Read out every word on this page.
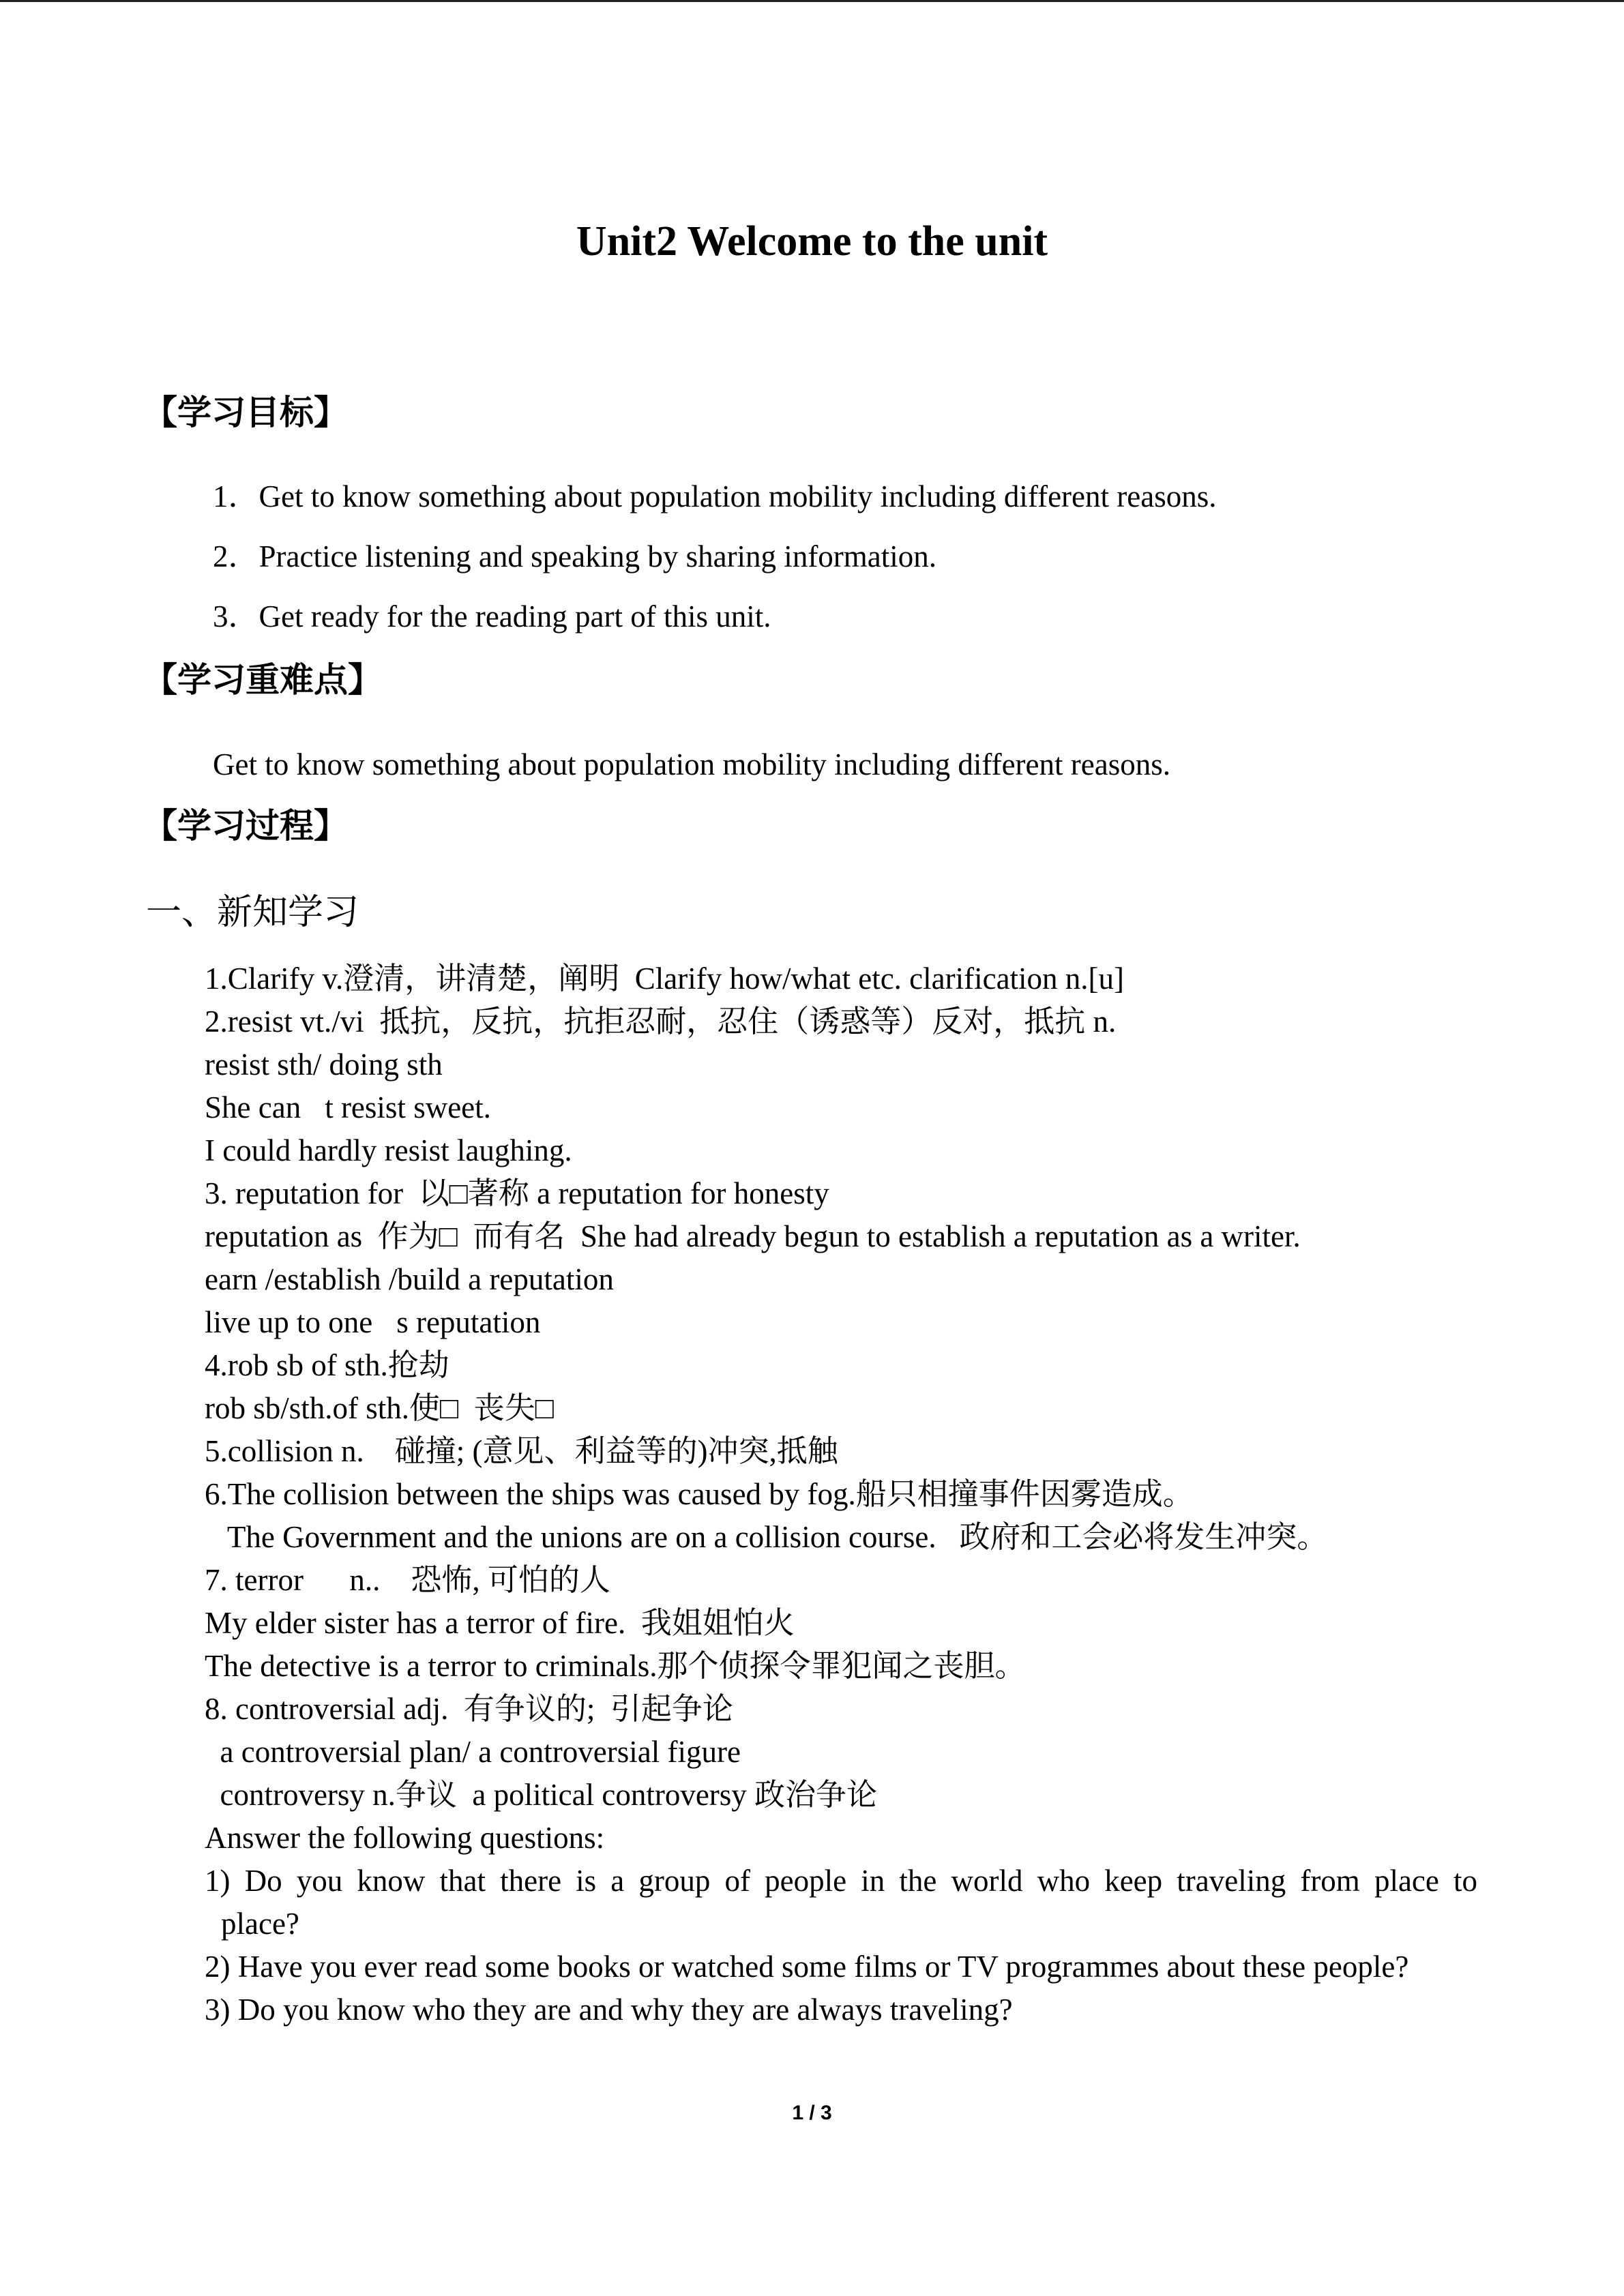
Unit2 Welcome to the unit
【学习目标】
1．Get to know something about population mobility including different reasons.
2．Practice listening and speaking by sharing information.
3．Get ready for the reading part of this unit.
【学习重难点】
Get to know something about population mobility including different reasons.
【学习过程】
一、新知学习
1.Clarify v.澄清，讲清楚，阐明  Clarify how/what etc. clarification n.[u]
2.resist vt./vi  抵抗，反抗，抗拒忍耐，忍住（诱惑等）反对，抵抗 n.
resist sth/ doing sth
She can t resist sweet.
I could hardly resist laughing.
3. reputation for  以□著称 a reputation for honesty
reputation as  作为□  而有名  She had already begun to establish a reputation as a writer.
earn /establish /build a reputation
live up to one s reputation
4.rob sb of sth.抢劫
rob sb/sth.of sth.使□  丧失□
5.collision n.    碰撞; (意见、利益等的)冲突,抵触
6.The collision between the ships was caused by fog.船只相撞事件因雾造成。
The Government and the unions are on a collision course.   政府和工会必将发生冲突。
7. terror      n..    恐怖, 可怕的人
My elder sister has a terror of fire.  我姐姐怕火
The detective is a terror to criminals.那个侦探令罪犯闻之丧胆。
8. controversial adj.  有争议的;  引起争论
a controversial plan/ a controversial figure
controversy n.争议  a political controversy 政治争论
Answer the following questions:
1) Do you know that there is a group of people in the world who keep traveling from place to
place?
2) Have you ever read some books or watched some films or TV programmes about these people?
3) Do you know who they are and why they are always traveling?
1 / 3
